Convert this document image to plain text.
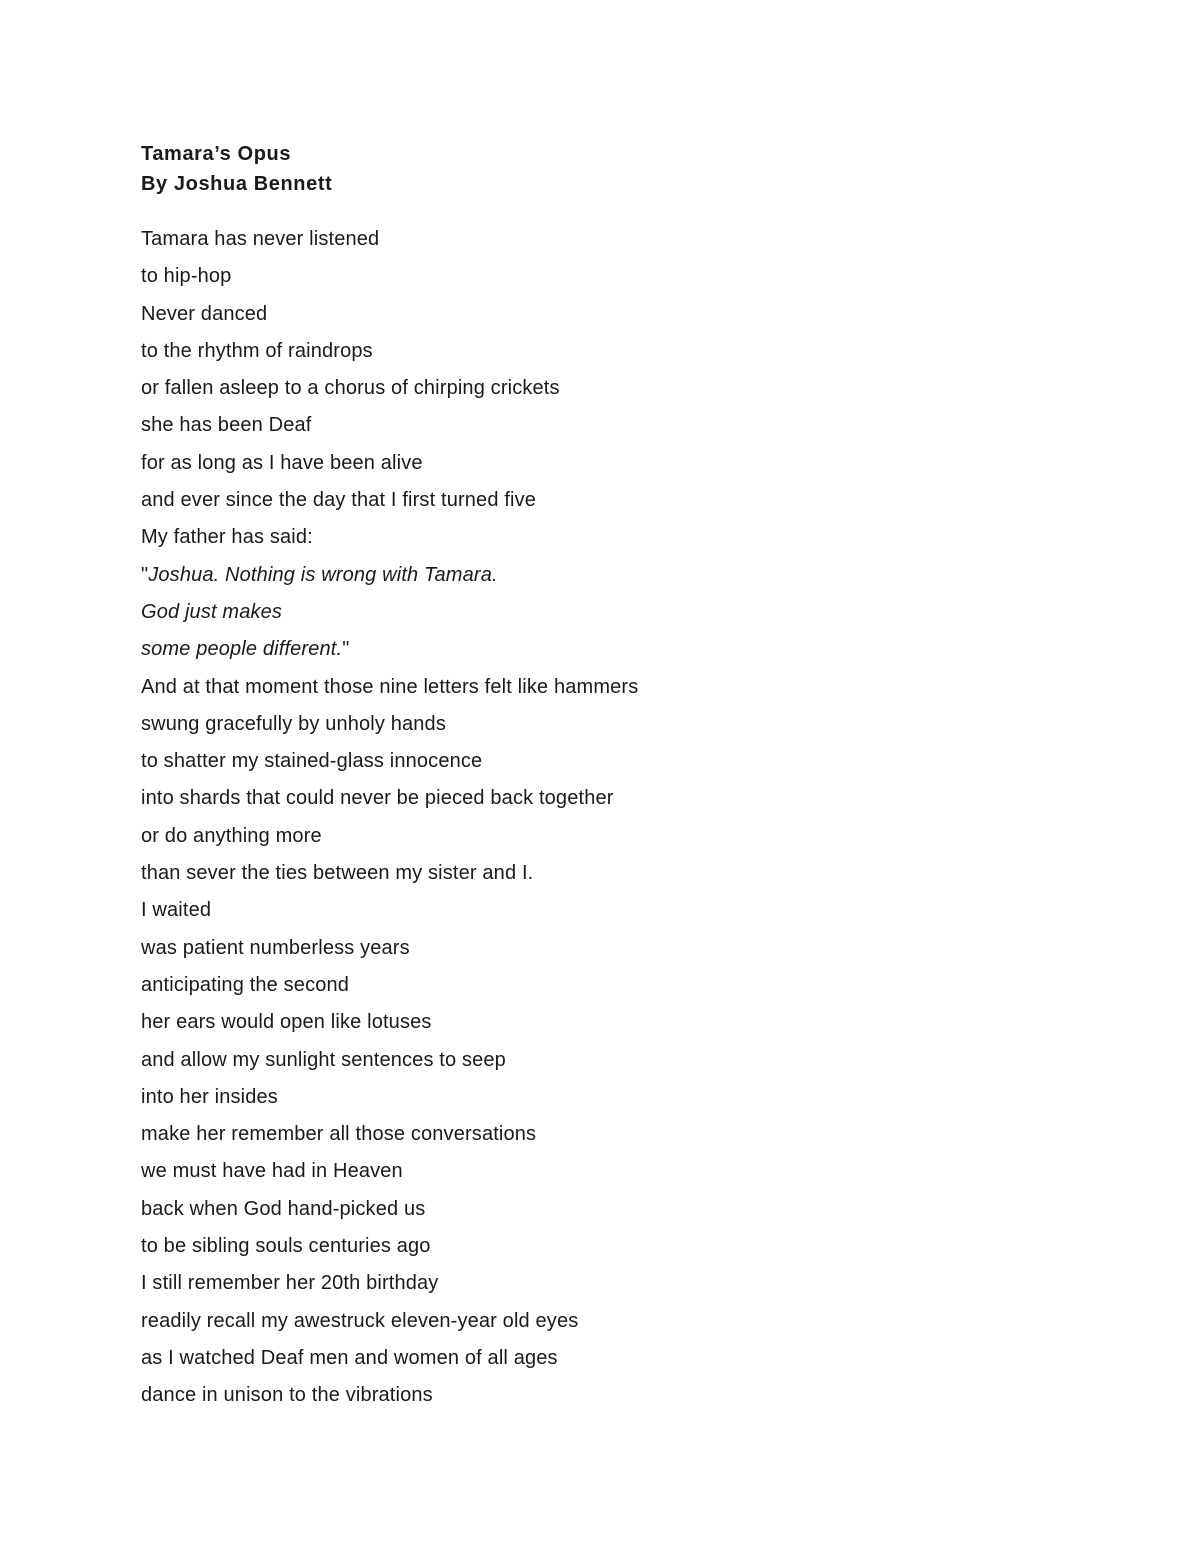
Tamara’s Opus
By Joshua Bennett
Tamara has never listened
to hip-hop
Never danced
to the rhythm of raindrops
or fallen asleep to a chorus of chirping crickets
she has been Deaf
for as long as I have been alive
and ever since the day that I first turned five
My father has said:
"Joshua. Nothing is wrong with Tamara.
God just makes
some people different."
And at that moment those nine letters felt like hammers
swung gracefully by unholy hands
to shatter my stained-glass innocence
into shards that could never be pieced back together
or do anything more
than sever the ties between my sister and I.
I waited
was patient numberless years
anticipating the second
her ears would open like lotuses
and allow my sunlight sentences to seep
into her insides
make her remember all those conversations
we must have had in Heaven
back when God hand-picked us
to be sibling souls centuries ago
I still remember her 20th birthday
readily recall my awestruck eleven-year old eyes
as I watched Deaf men and women of all ages
dance in unison to the vibrations
